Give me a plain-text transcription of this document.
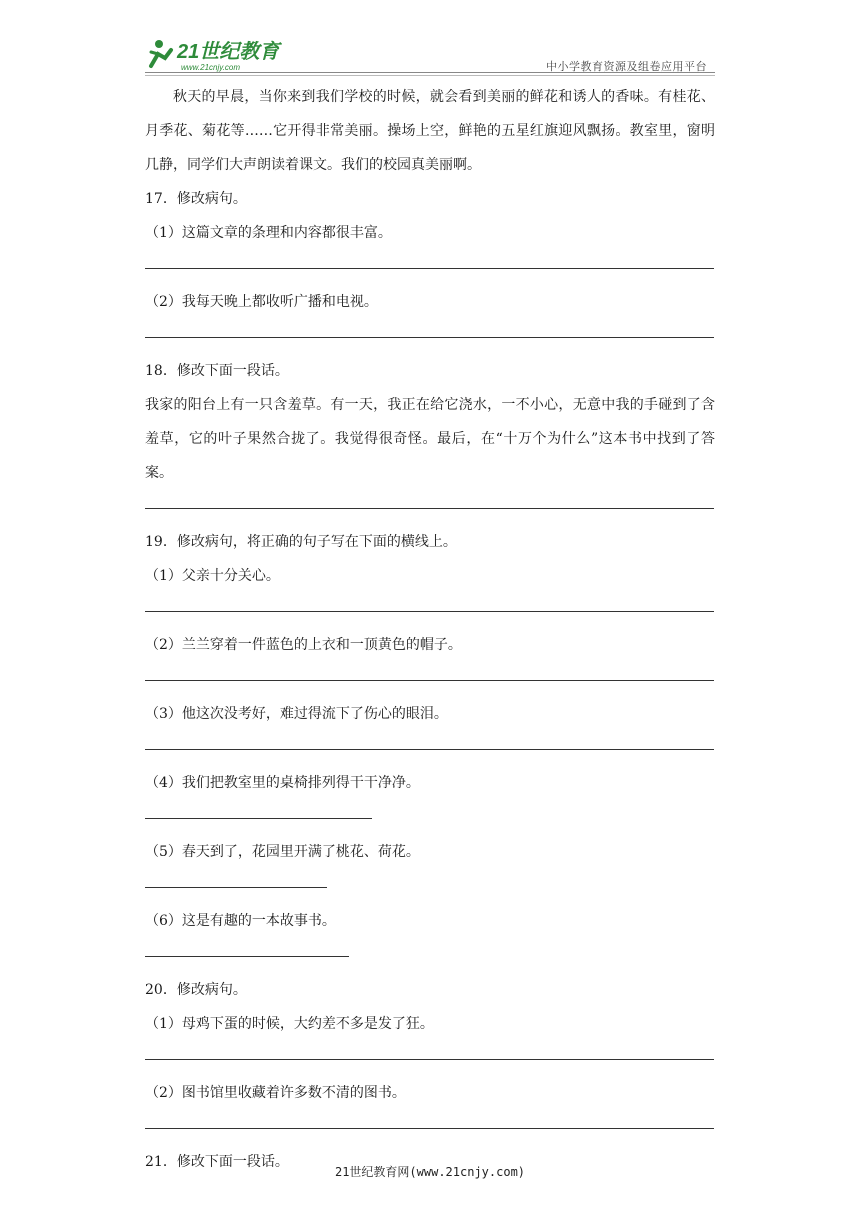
21世纪教育
www.21cnjy.com	中小学教育资源及组卷应用平台
秋天的早晨，当你来到我们学校的时候，就会看到美丽的鲜花和诱人的香味。有桂花、月季花、菊花等……它开得非常美丽。操场上空，鲜艳的五星红旗迎风飘扬。教室里，窗明几静，同学们大声朗读着课文。我们的校园真美丽啊。
17．修改病句。
（1）这篇文章的条理和内容都很丰富。
（2）我每天晚上都收听广播和电视。
18．修改下面一段话。
我家的阳台上有一只含羞草。有一天，我正在给它浇水，一不小心，无意中我的手碰到了含羞草，它的叶子果然合拢了。我觉得很奇怪。最后，在“十万个为什么”这本书中找到了答案。
19．修改病句，将正确的句子写在下面的横线上。
（1）父亲十分关心。
（2）兰兰穿着一件蓝色的上衣和一顶黄色的帽子。
（3）他这次没考好，难过得流下了伤心的眼泪。
（4）我们把教室里的桌椅排列得干干净净。
（5）春天到了，花园里开满了桃花、荷花。
（6）这是有趣的一本故事书。
20．修改病句。
（1）母鸡下蛋的时候，大约差不多是发了狂。
（2）图书馆里收藏着许多数不清的图书。
21．修改下面一段话。
21世纪教育网(www.21cnjy.com)
